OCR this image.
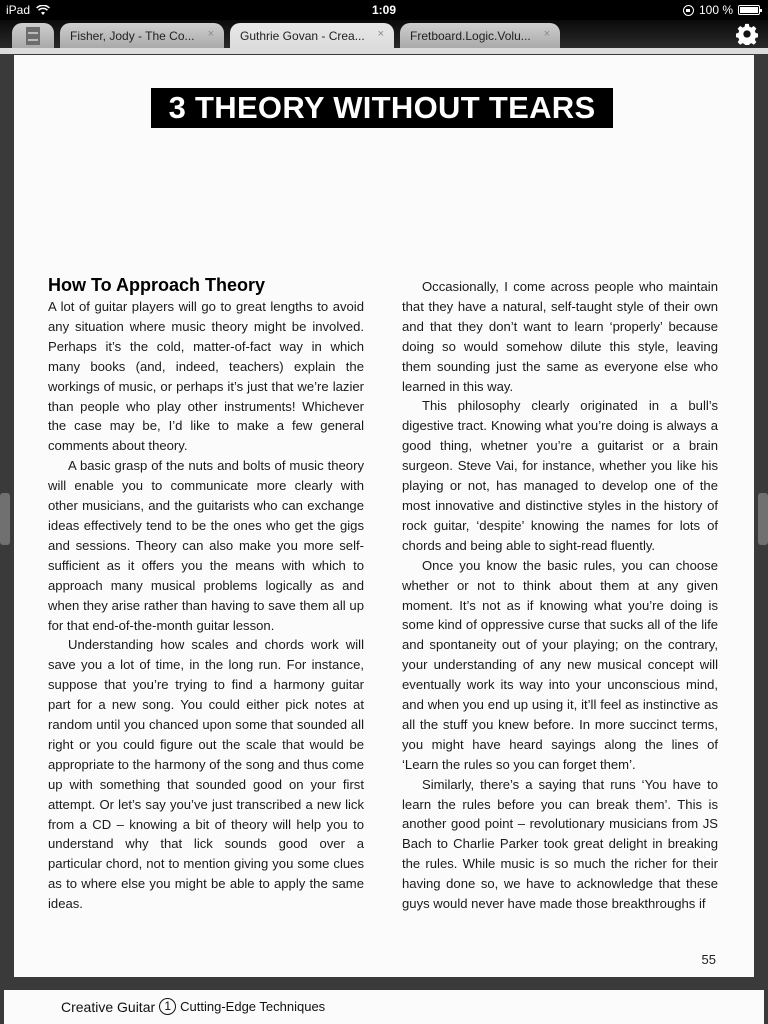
iPad	1:09	100 %
Fisher, Jody - The Co... × Guthrie Govan - Crea... × Fretboard.Logic.Volu... ×
3 THEORY WITHOUT TEARS
How To Approach Theory

A lot of guitar players will go to great lengths to avoid any situation where music theory might be involved. Perhaps it’s the cold, matter-of-fact way in which many books (and, indeed, teachers) explain the workings of music, or perhaps it’s just that we’re lazier than people who play other instruments! Whichever the case may be, I’d like to make a few general comments about theory.

A basic grasp of the nuts and bolts of music theory will enable you to communicate more clearly with other musicians, and the guitarists who can exchange ideas effectively tend to be the ones who get the gigs and sessions. Theory can also make you more self-sufficient as it offers you the means with which to approach many musical problems logically as and when they arise rather than having to save them all up for that end-of-the-month guitar lesson.

Understanding how scales and chords work will save you a lot of time, in the long run. For instance, suppose that you’re trying to find a harmony guitar part for a new song. You could either pick notes at random until you chanced upon some that sounded all right or you could figure out the scale that would be appropriate to the harmony of the song and thus come up with something that sounded good on your first attempt. Or let’s say you’ve just transcribed a new lick from a CD – knowing a bit of theory will help you to understand why that lick sounds good over a particular chord, not to mention giving you some clues as to where else you might be able to apply the same ideas.

Occasionally, I come across people who maintain that they have a natural, self-taught style of their own and that they don’t want to learn ‘properly’ because doing so would somehow dilute this style, leaving them sounding just the same as everyone else who learned in this way.

This philosophy clearly originated in a bull’s digestive tract. Knowing what you’re doing is always a good thing, whetner you’re a guitarist or a brain surgeon. Steve Vai, for instance, whether you like his playing or not, has managed to develop one of the most innovative and distinctive styles in the history of rock guitar, ‘despite’ knowing the names for lots of chords and being able to sight-read fluently.

Once you know the basic rules, you can choose whether or not to think about them at any given moment. It’s not as if knowing what you’re doing is some kind of oppressive curse that sucks all of the life and spontaneity out of your playing; on the contrary, your understanding of any new musical concept will eventually work its way into your unconscious mind, and when you end up using it, it’ll feel as instinctive as all the stuff you knew before. In more succinct terms, you might have heard sayings along the lines of ‘Learn the rules so you can forget them’.

Similarly, there’s a saying that runs ‘You have to learn the rules before you can break them’. This is another good point – revolutionary musicians from JS Bach to Charlie Parker took great delight in breaking the rules. While music is so much the richer for their having done so, we have to acknowledge that these guys would never have made those breakthroughs if

55
Creative Guitar 1 Cutting-Edge Techniques
